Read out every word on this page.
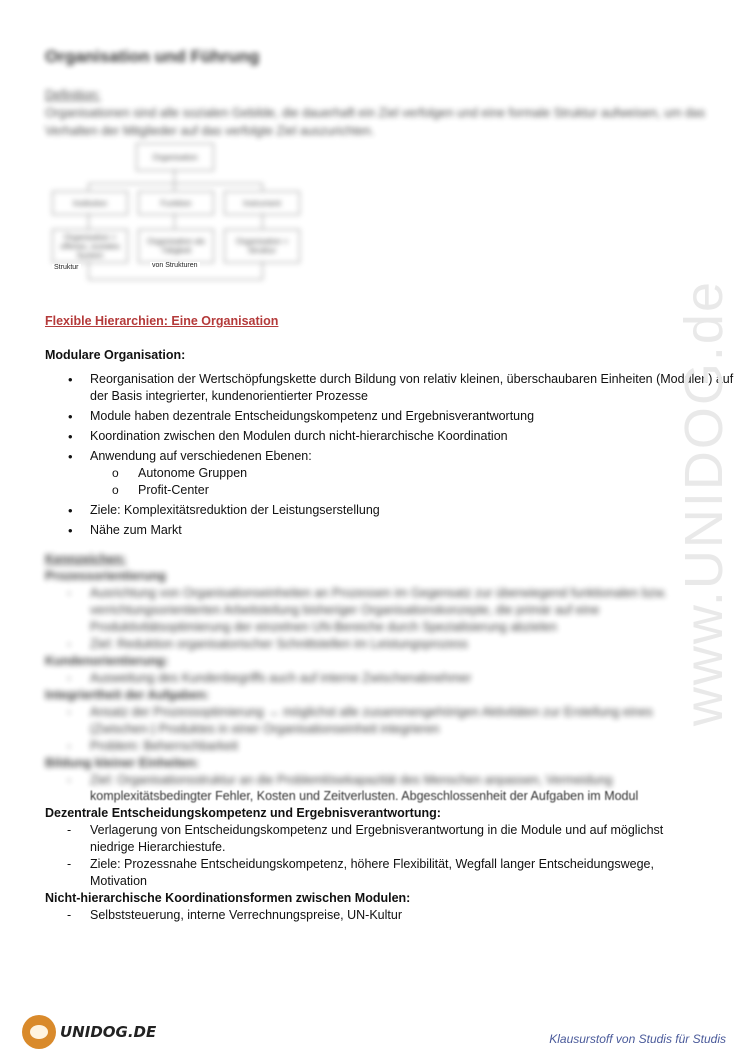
Organisation und Führung
Definition:
Organisationen sind alle sozialen Gebilde, die dauerhaft ein Ziel verfolgen und eine formale Struktur aufweisen, um das Verhalten der Mitglieder auf das verfolgte Ziel auszurichten.
Organisation
Institution	Funktion	Instrument
Organisation = offenes, soziales System
Organisation als Tätigkeit
Organisation = Struktur
Struktur	von Strukturen
Flexible Hierarchien: Eine Organisation
Modulare Organisation:
• Reorganisation der Wertschöpfungskette durch Bildung von relativ kleinen, überschaubaren Einheiten (Modulen) auf der Basis integrierter, kundenorientierter Prozesse
• Module haben dezentrale Entscheidungskompetenz und Ergebnisverantwortung
• Koordination zwischen den Modulen durch nicht-hierarchische Koordination
• Anwendung auf verschiedenen Ebenen:
o Autonome Gruppen
o Profit-Center
• Ziele: Komplexitätsreduktion der Leistungserstellung
• Nähe zum Markt
Kennzeichen:
Prozessorientierung
- Ausrichtung von Organisationseinheiten an Prozessen im Gegensatz zur überwiegend funktionalen bzw. verrichtungsorientierten Arbeitsteilung bisheriger Organisationskonzepte, die primär auf eine Produktivitätsoptimierung der einzelnen UN-Bereiche durch Spezialisierung abzielen
- Ziel: Reduktion organisatorischer Schnittstellen im Leistungsprozess
Kundenorientierung:
- Ausweitung des Kundenbegriffs auch auf interne Zwischenabnehmer
Integriertheit der Aufgaben:
- Ansatz der Prozessoptimierung → möglichst alle zusammengehörigen Aktivitäten zur Erstellung eines (Zwischen-) Produktes in einer Organisationseinheit integrieren
- Problem: Beherrschbarkeit
Bildung kleiner Einheiten:
- Ziel: Organisationsstruktur an die Problemlösekapazität des Menschen anpassen, Vermeidung
komplexitätsbedingter Fehler, Kosten und Zeitverlusten. Abgeschlossenheit der Aufgaben im Modul
Dezentrale Entscheidungskompetenz und Ergebnisverantwortung:
- Verlagerung von Entscheidungskompetenz und Ergebnisverantwortung in die Module und auf möglichst niedrige Hierarchiestufe.
- Ziele: Prozessnahe Entscheidungskompetenz, höhere Flexibilität, Wegfall langer Entscheidungswege, Motivation
Nicht-hierarchische Koordinationsformen zwischen Modulen:
- Selbststeuerung, interne Verrechnungspreise, UN-Kultur
www.UNIDOG.de
UNIDOG.DE	Klausurstoff von Studis für Studis
